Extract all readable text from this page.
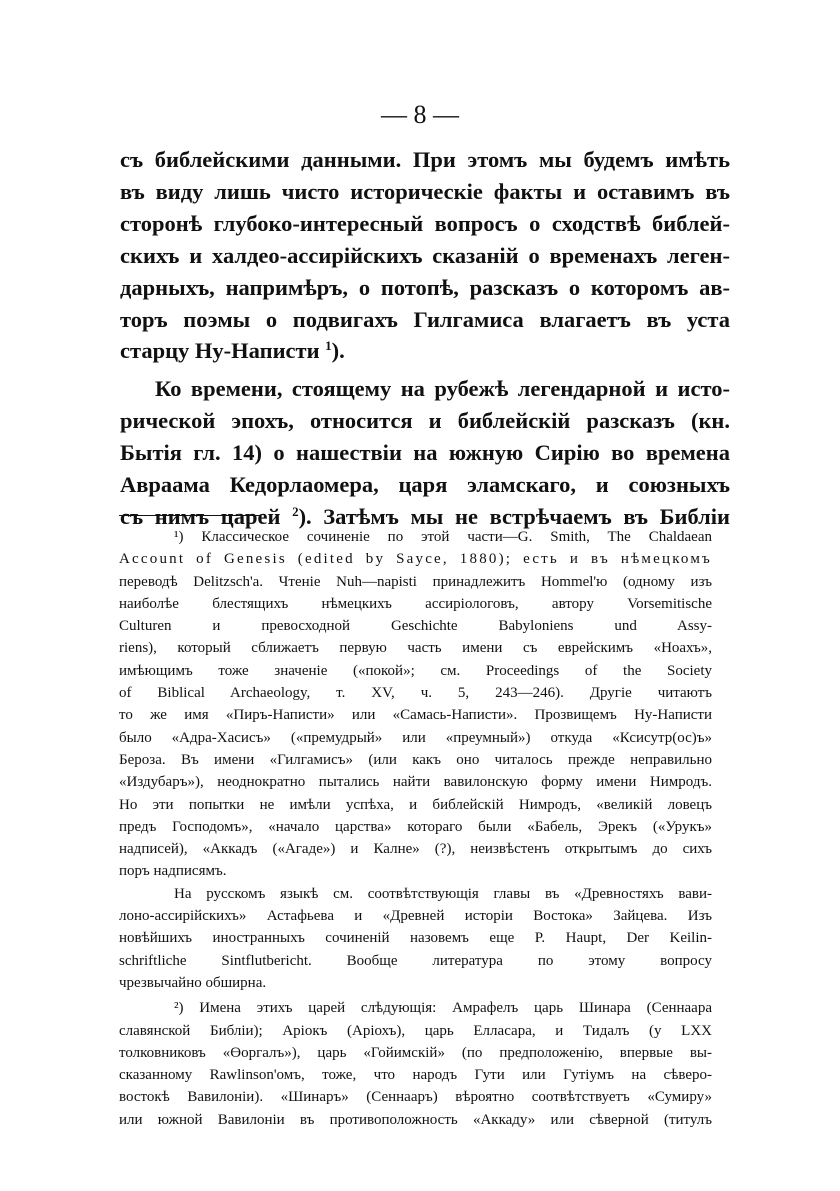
— 8 —

съ библейскими данными. При этомъ мы будемъ имѣть
въ виду лишь чисто историческіе факты и оставимъ въ
сторонѣ глубоко-интересный вопросъ о сходствѣ библей-
скихъ и халдео-ассирійскихъ сказаній о временахъ леген-
дарныхъ, напримѣръ, о потопѣ, разсказъ о которомъ ав-
торъ поэмы о подвигахъ Гилгамиса влагаетъ въ уста
старцу Ну-Написти $^1$).

Ко времени, стоящему на рубежѣ легендарной и исто-
рической эпохъ, относится и библейскій разсказъ (кн.
Бытія гл. 14) о нашествіи на южную Сирію во времена
Авраама Кедорлаомера, царя эламскаго, и союзныхъ
съ нимъ царей $^2$). Затѣмъ мы не встрѣчаемъ въ Библіи

¹) Классическое сочиненіе по этой части—G. Smith, The Chaldaean
Account of Genesis (edited by Sayce, 1880); есть и въ нѣмецкомъ
переводѣ Delitzsch'a. Чтеніе Nuh—napisti принадлежитъ Hommel'ю (одному изъ
наиболѣе блестящихъ нѣмецкихъ ассиріологовъ, автору Vorsemitische
Culturen и превосходной Geschichte Babyloniens und Assy-
riens), который сближаетъ первую часть имени съ еврейскимъ «Ноахъ»,
имѣющимъ тоже значеніе («покой»; см. Proceedings of the Society
of Biblical Archaeology, т. XV, ч. 5, 243—246). Другіе читаютъ
то же имя «Пиръ-Написти» или «Самась-Написти». Прозвищемъ Ну-Написти
было «Адра-Хасисъ» («премудрый» или «преумный») откуда «Ксисутр(ос)ъ»
Бероза. Въ имени «Гилгамисъ» (или какъ оно читалось прежде неправильно
«Издубаръ»), неоднократно пытались найти вавилонскую форму имени Нимродъ.
Но эти попытки не имѣли успѣха, и библейскій Нимродъ, «великій ловецъ
предъ Господомъ», «начало царства» котораго были «Бабель, Эрекъ («Урукъ»
надписей), «Аккадъ («Агаде») и Калне» (?), неизвѣстенъ открытымъ до сихъ
поръ надписямъ.
На русскомъ языкѣ см. соотвѣтствующія главы въ «Древностяхъ вави-
лоно-ассирійскихъ» Астафьева и «Древней исторіи Востока» Зайцева. Изъ
новѣйшихъ иностранныхъ сочиненій назовемъ еще P. Haupt, Der Keilin-
schriftliche Sintflutbericht. Вообще литература по этому вопросу
чрезвычайно обширна.
²) Имена этихъ царей слѣдующія: Амрафелъ царь Шинара (Сеннаара
славянской Библіи); Аріокъ (Аріохъ), царь Елласара, и Тидалъ (у LXX
толковниковъ «Өоргалъ»), царь «Гойимскій» (по предположенію, впервые вы-
сказанному Rawlinson'омъ, тоже, что народъ Гути или Гутіумъ на сѣверо-
востокѣ Вавилоніи). «Шинаръ» (Сеннааръ) вѣроятно соотвѣтствуетъ «Сумиру»
или южной Вавилоніи въ противоположность «Аккаду» или сѣверной (титулъ
